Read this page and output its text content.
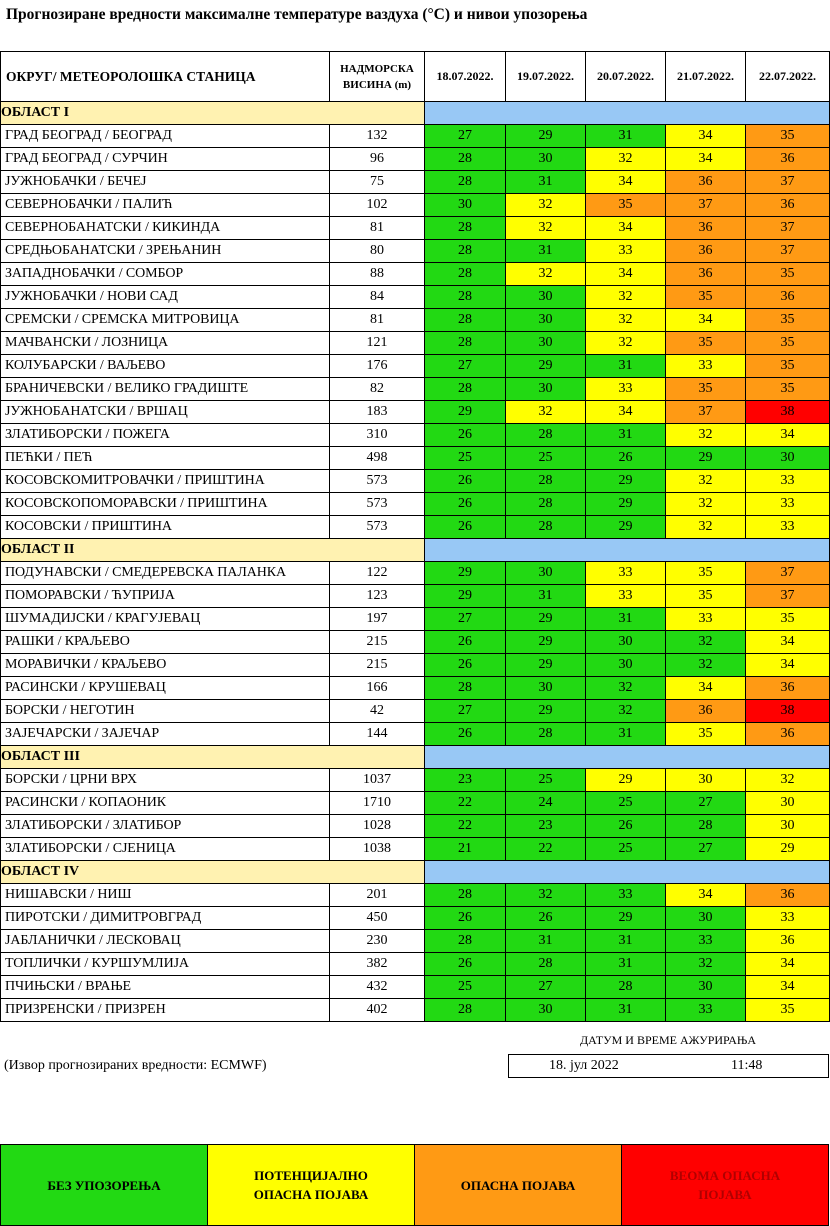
Прогнозиране вредности максималне температуре ваздуха (°C) и нивои упозорења
ОКРУГ/ МЕТЕОРОЛОШКА СТАНИЦА	НАДМОРСКА ВИСИНА (m)	18.07.2022.	19.07.2022.	20.07.2022.	21.07.2022.	22.07.2022.
ОБЛАСТ I						
ГРАД БЕОГРАД / БЕОГРАД	132	27	29	31	34	35
ГРАД БЕОГРАД / СУРЧИН	96	28	30	32	34	36
ЈУЖНОБАЧКИ / БЕЧЕЈ	75	28	31	34	36	37
СЕВЕРНОБАЧКИ / ПАЛИЋ	102	30	32	35	37	36
СЕВЕРНОБАНАТСКИ / КИКИНДА	81	28	32	34	36	37
СРЕДЊОБАНАТСКИ / ЗРЕЊАНИН	80	28	31	33	36	37
ЗАПАДНОБАЧКИ / СОМБОР	88	28	32	34	36	35
ЈУЖНОБАЧКИ / НОВИ САД	84	28	30	32	35	36
СРЕМСКИ / СРЕМСКА МИТРОВИЦА	81	28	30	32	34	35
МАЧВАНСКИ / ЛОЗНИЦА	121	28	30	32	35	35
КОЛУБАРСКИ / ВАЉЕВО	176	27	29	31	33	35
БРАНИЧЕВСКИ / ВЕЛИКО ГРАДИШТЕ	82	28	30	33	35	35
ЈУЖНОБАНАТСКИ / ВРШАЦ	183	29	32	34	37	38
ЗЛАТИБОРСКИ / ПОЖЕГА	310	26	28	31	32	34
ПЕЋКИ / ПЕЋ	498	25	25	26	29	30
КОСОВСКОМИТРОВАЧКИ / ПРИШТИНА	573	26	28	29	32	33
КОСОВСКОПОМОРАВСКИ / ПРИШТИНА	573	26	28	29	32	33
КОСОВСКИ / ПРИШТИНА	573	26	28	29	32	33
ОБЛАСТ II						
ПОДУНАВСКИ / СМЕДЕРЕВСКА ПАЛАНКА	122	29	30	33	35	37
ПОМОРАВСКИ / ЋУПРИЈА	123	29	31	33	35	37
ШУМАДИЈСКИ / КРАГУЈЕВАЦ	197	27	29	31	33	35
РАШКИ / КРАЉЕВО	215	26	29	30	32	34
МОРАВИЧКИ / КРАЉЕВО	215	26	29	30	32	34
РАСИНСКИ / КРУШЕВАЦ	166	28	30	32	34	36
БОРСКИ / НЕГОТИН	42	27	29	32	36	38
ЗАЈЕЧАРСКИ / ЗАЈЕЧАР	144	26	28	31	35	36
ОБЛАСТ III						
БОРСКИ / ЦРНИ ВРХ	1037	23	25	29	30	32
РАСИНСКИ / КОПАОНИК	1710	22	24	25	27	30
ЗЛАТИБОРСКИ / ЗЛАТИБОР	1028	22	23	26	28	30
ЗЛАТИБОРСКИ / СЈЕНИЦА	1038	21	22	25	27	29
ОБЛАСТ IV						
НИШАВСКИ / НИШ	201	28	32	33	34	36
ПИРОТСКИ / ДИМИТРОВГРАД	450	26	26	29	30	33
ЈАБЛАНИЧКИ / ЛЕСКОВАЦ	230	28	31	31	33	36
ТОПЛИЧКИ / КУРШУМЛИЈА	382	26	28	31	32	34
ПЧИЊСКИ / ВРАЊЕ	432	25	27	28	30	34
ПРИЗРЕНСКИ / ПРИЗРЕН	402	28	30	31	33	35
ДАТУМ И ВРЕМЕ АЖУРИРАЊА
18. јул 2022	11:48
(Извор прогнозираних вредности: ECMWF)
БЕЗ УПОЗОРЕЊА
ПОТЕНЦИЈАЛНО
ОПАСНА ПОЈАВА
ОПАСНА ПОЈАВА
ВЕОМА ОПАСНА
ПОЈАВА
